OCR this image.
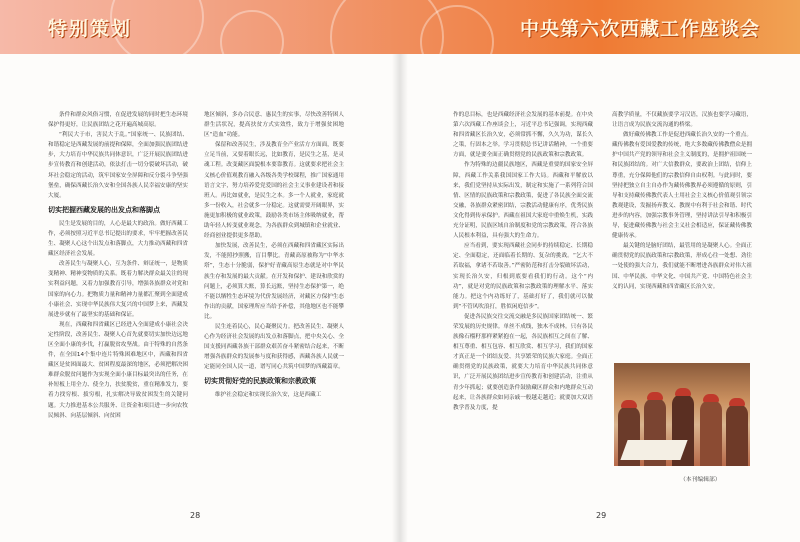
特别策划	中央第六次西藏工作座谈会

条件和群众风俗习惯，在促进发展的同时把生态环境保护得更好，让民族团结之花开遍高城高原。

“利民大于市，害民大于乱。”国家统一、民族团结、和谐稳定是西藏发展的前提和保障，全面加强民族团结进步，大力培育中华民族共同体意识，广泛开展民族团结进步宣传教育和创建活动，依法打击一切分裂破坏活动，破坏社会稳定的活动，筑牢国家安全屏障和反分裂斗争坚强堡垒，确保西藏长治久安和全国各族人民幸福安康的坚实大厦。

切实把握西藏发展的出发点和落脚点

民生是发展的目的，人心是最大的政治。做好西藏工作，必须按照习近平总书记提出的要求，牢牢把握改善民生、凝聚人心这个出发点和落脚点，大力推动西藏和四省藏区经济社会发展。

改善民生与凝聚人心，互为条件、辩证统一，是物质变精神、精神变物质的关系。既着力解决群众最关注的现实利益问题，又着力加强教育引导，增强各族群众对党和国家的向心力。把物质力量和精神力量都汇聚到全面建成小康社会、实现中华民族伟大复兴的中国梦上来，西藏发展进步就有了最坚实的基础和保证。

现在，西藏和四省藏区已经进入全面建成小康社会决定性阶段，改善民生、凝聚人心首先就要切实加快边远地区全面小康的步伐，打赢脱贫攻坚战。由于特殊的自然条件，在全国14个集中连片特殊困难地区中，西藏和四省藏区是贫困面最大、贫困程度最深的地区，必须把解决困难群众脱贫问题作为实现全面小康目标最突出的任务，在补短板上用全力、使全力，扶贫脱贫，重在精准发力，要着力找穷根、拔穷根，扎实解决导致贫困发生的关键问题。大力推进基本公共服务、让资金和项目进一步向农牧民倾斜、向基层倾斜、向贫困

地区倾斜，多办合民意、惠民生的实事，尽快改善特困人群生活状况，提高扶贫方式实效性，致力于增强贫困地区“造血”功能。

保留和改善民生，涉及教育全产业活方方面面，既要立足当前，又要着眼长远，比如教育，是民生之基，是灵魂工程。改变藏区面貌根本要靠教育。这就要求把社会主义核心价值观教育融入各级各类学校课程，推广国家通用语言文字，努力培养爱党爱国的社会主义事业建设者和接班人。再比如就业，是民生之本。多一个人就业，家庭就多一份收入，社会就多一分稳定。这就需要开阔眼界，实施更加积极的就业政策，鼓励各类市场主体吸纳就业，帮助年轻人转变就业观念，为各族群众到城镇和企业就业、经商创业提供更多帮助。

加快发展，改善民生，必须在西藏和四省藏区实际出发，不能照抄照搬，盲目攀比。青藏高原被称为“中华水塔”，生态十分脆弱，保护好青藏高原生态就是对中华民族生存和发展的最大贡献。在开发和保护、建设和欣赏的问题上，必须算大账，算长远账，坚持生态保护第一，绝不能以牺牲生态环境为代价发展经济，对藏区方保护生态作出的贡献，国家理所应当给予补偿，其他地区也不能攀比。

民生连着民心，民心凝聚民力。把改善民生、凝聚人心作为经济社会发展的出发点和落脚点，把中央关心、全国支援同西藏各族干部群众艰苦奋斗紧密结合起来，不断增强各族群众的发展参与度和获得感，西藏各族人民就一定能同全国人民一道，谱写同心共筑中国梦的西藏篇章。

切实贯彻好党的民族政策和宗教政策

维护社会稳定和实现长治久安，这是西藏工

作的总目标，也是西藏经济社会发展的基本前提。在中央第六次西藏工作座谈会上，习近平总书记强调，实现西藏和四省藏区长治久安，必须常抓不懈，久久为功，谋长久之策，行固本之举。学习贯彻总书记讲话精神，一个重要方面，就是要全面正确贯彻党的民族政策和宗教政策。

作为特殊的边疆民族地区，西藏是重要的国家安全屏障，西藏工作关系我国国家工作大局。西藏和平解放以来，我们党坚持从实际出发，制定和实施了一系列符合国情、区情的民族政策和宗教政策，促进了各民族全面交流交融，各族群众紧密团结，宗教活动健康有序，优秀民族文化得到传承保护。西藏在祖国大家庭中重焕生机，实践充分证明，民族区域自治制度和党的宗教政策，符合各族人民根本利益，具有强大的生命力。

应当看到，要实现西藏社会同步的持续稳定、长期稳定、全面稳定，还面临着长期的、复杂的挑战。“乞大不若取福，拿诸不若取善。”严密防范和打击分裂破坏活动，实现长治久安，归根到底要看我们的行动。这个“内功”，就是对党的民族政策和宗教政策的理解水平、落实能力。把这个内功练好了，基础打好了，我们就可以做到“不管风吹浪打，胜似闲庭信步”。

促进各民族交往交流交融是多民族国家团结统一、繁荣发展的历史规律。单丝不成线，独木不成林。只有各民族像石榴籽那样紧紧抱在一起，各民族相互之间在了解、相互尊重、相互包容、相互欣赏、相互学习，我们的国家才真正是一个团结友爱、共享繁荣的民族大家庭。全面正确贯彻党的民族政策，就要大力培育中华民族共同体意识，广泛开展民族团结进步宣传教育和创建活动，注重从青少年抓起；就要创造条件鼓励藏区群众和内地群众互动起来，让各族群众如同亲戚一般越走越近；就要加大双语教学普及力度，提

高教学质量，不仅藏族要学习汉语，汉族也要学习藏语，让语言成为民族交流沟通的桥梁。

做好藏传佛教工作是促进西藏长治久安的一个重点。藏传佛教有爱国爱教的传统，绝大多数藏传佛教僧众是拥护中国共产党的领导和社会主义制度的，是拥护祖国统一和民族团结的。对广大信教群众，要政治上团结，信仰上尊重，充分保障他们的宗教信仰自由权利。与此同时，要坚持把独立自主自办作为藏传佛教界必须遵循的原则，引导和支持藏传佛教代表人士用社会主义核心价值观引领宗教观建设，发掘扬弃教义、教规中有利于社会和谐、时代进步的内容，加强宗教事务管理，坚持讲法引导和积极引导，促进藏传佛教与社会主义社会相适应，保证藏传佛教健康传承。

最关键的是脑好团结，最管用的是凝聚人心。全面正确贯彻党的民族政策和宗教政策，形成心往一处想、劲往一处使的强大合力，我们就能不断增进各族群众对伟大祖国、中华民族、中华文化、中国共产党、中国特色社会主义的认同，实现西藏和四省藏区长治久安。

（本刊编辑部）
28	29
